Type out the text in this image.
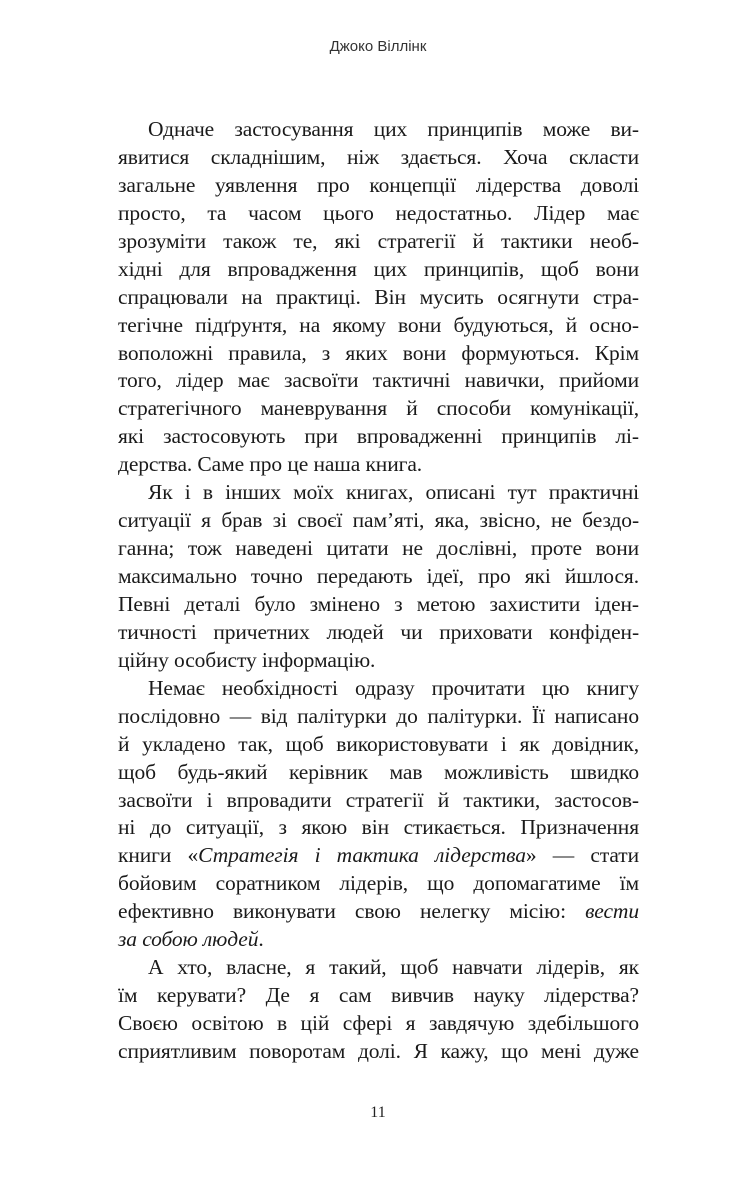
Джоко Віллінк
Одначе застосування цих принципів може ви-
явитися складнішим, ніж здається. Хоча скласти
загальне уявлення про концепції лідерства доволі
просто, та часом цього недостатньо. Лідер має
зрозуміти також те, які стратегії й тактики необ-
хідні для впровадження цих принципів, щоб вони
спрацювали на практиці. Він мусить осягнути стра-
тегічне підґрунтя, на якому вони будуються, й осно-
воположні правила, з яких вони формуються. Крім
того, лідер має засвоїти тактичні навички, прийоми
стратегічного маневрування й способи комунікації,
які застосовують при впровадженні принципів лі-
дерства. Саме про це наша книга.
Як і в інших моїх книгах, описані тут практичні
ситуації я брав зі своєї пам’яті, яка, звісно, не бездо-
ганна; тож наведені цитати не дослівні, проте вони
максимально точно передають ідеї, про які йшлося.
Певні деталі було змінено з метою захистити іден-
тичності причетних людей чи приховати конфіден-
ційну особисту інформацію.
Немає необхідності одразу прочитати цю книгу
послідовно — від палітурки до палітурки. Її написано
й укладено так, щоб використовувати і як довідник,
щоб будь-який керівник мав можливість швидко
засвоїти і впровадити стратегії й тактики, застосов-
ні до ситуації, з якою він стикається. Призначення
книги «Стратегія і тактика лідерства» — стати
бойовим соратником лідерів, що допомагатиме їм
ефективно виконувати свою нелегку місію: вести
за собою людей.
А хто, власне, я такий, щоб навчати лідерів, як
їм керувати? Де я сам вивчив науку лідерства?
Своєю освітою в цій сфері я завдячую здебільшого
сприятливим поворотам долі. Я кажу, що мені дуже
11
